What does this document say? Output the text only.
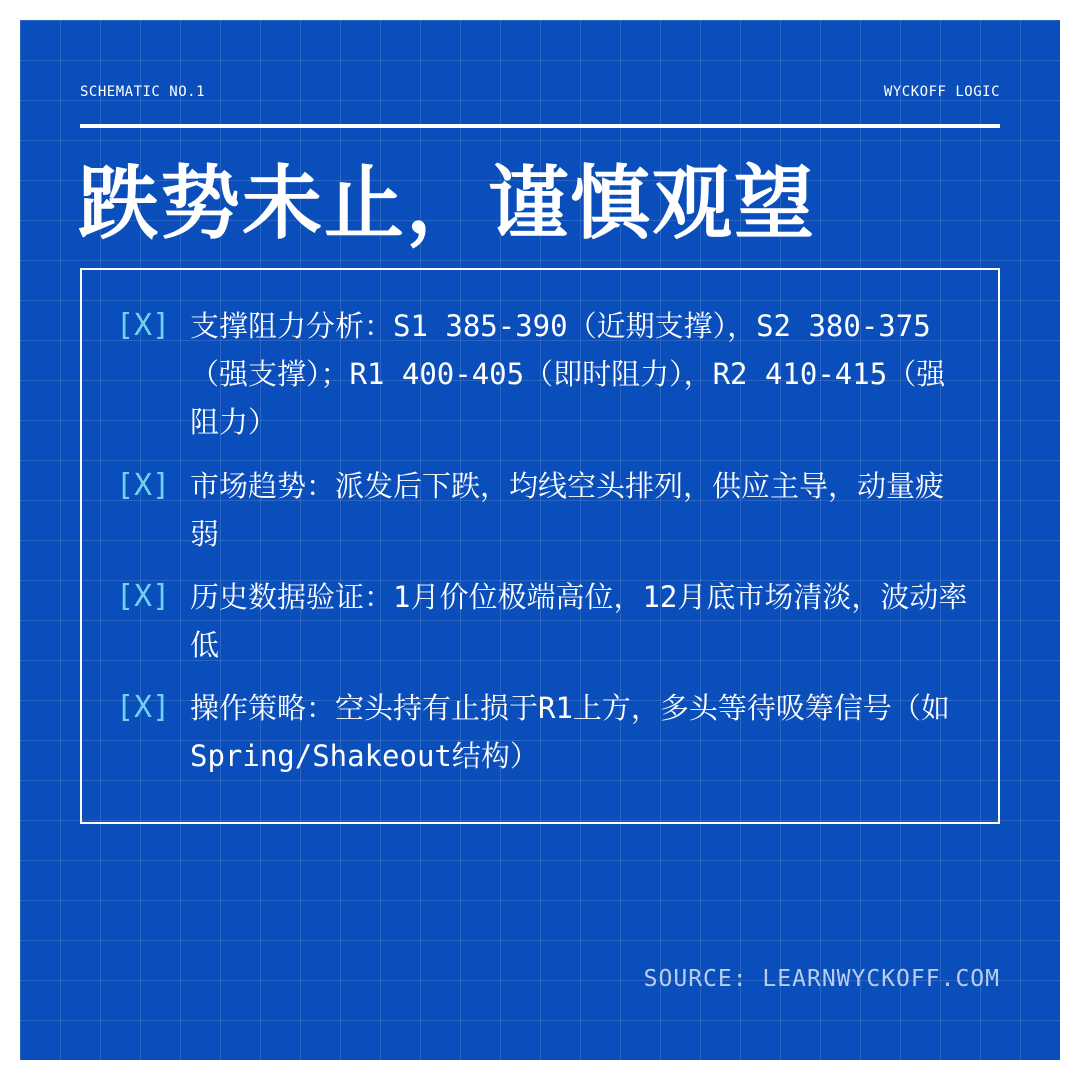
SCHEMATIC NO.1	WYCKOFF LOGIC
跌势未止，谨慎观望
[X] 支撑阻力分析：S1 385-390（近期支撑），S2 380-375（强支撑）；R1 400-405（即时阻力），R2 410-415（强阻力）
[X] 市场趋势：派发后下跌，均线空头排列，供应主导，动量疲弱
[X] 历史数据验证：1月价位极端高位，12月底市场清淡，波动率低
[X] 操作策略：空头持有止损于R1上方，多头等待吸筹信号（如Spring/Shakeout结构）
SOURCE: LEARNWYCKOFF.COM
